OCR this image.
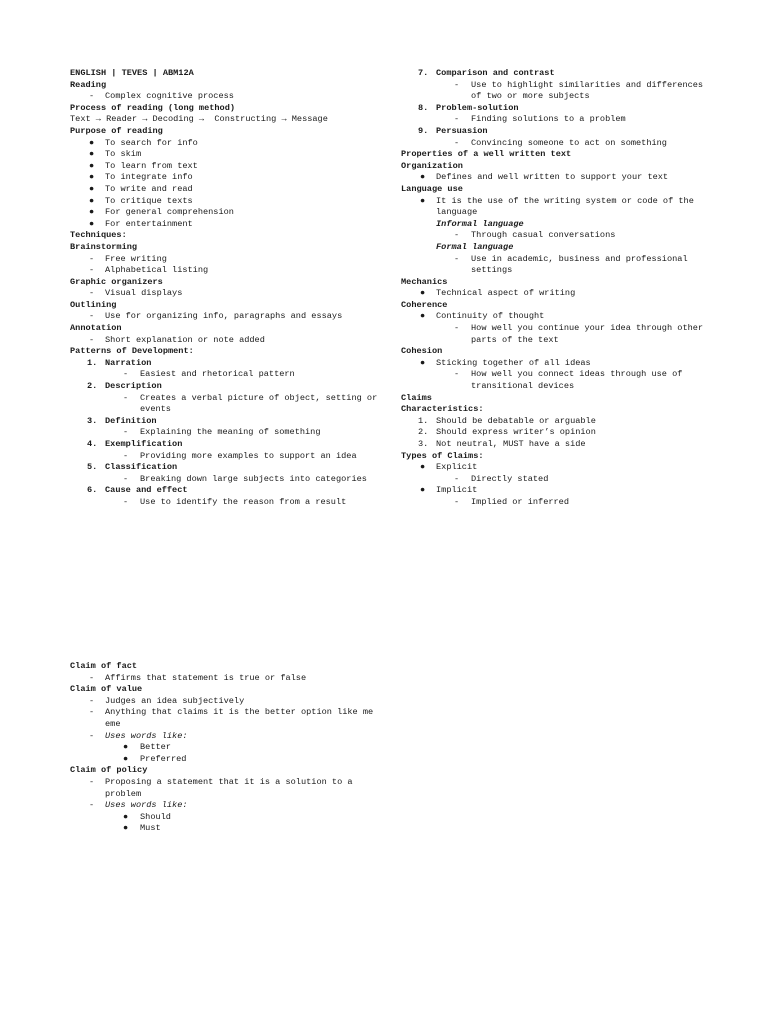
ENGLISH | TEVES | ABM12A
Reading
-	Complex cognitive process
Process of reading (long method)
Text → Reader → Decoding →  Constructing → Message
Purpose of reading
●	To search for info
●	To skim
●	To learn from text
●	To integrate info
●	To write and read
●	To critique texts
●	For general comprehension
●	For entertainment
Techniques:
Brainstorming
-	Free writing
-	Alphabetical listing
Graphic organizers
-	Visual displays
Outlining
-	Use for organizing info, paragraphs and essays
Annotation
-	Short explanation or note added
Patterns of Development:
1. Narration
-	Easiest and rhetorical pattern
2. Description
-	Creates a verbal picture of object, setting or events
3. Definition
-	Explaining the meaning of something
4. Exemplification
-	Providing more examples to support an idea
5. Classification
-	Breaking down large subjects into categories
6. Cause and effect
-	Use to identify the reason from a result
7. Comparison and contrast
-	Use to highlight similarities and differences of two or more subjects
8. Problem-solution
-	Finding solutions to a problem
9. Persuasion
-	Convincing someone to act on something
Properties of a well written text
Organization
●	Defines and well written to support your text
Language use
●	It is the use of the writing system or code of the language
Informal language
-	Through casual conversations
Formal language
-	Use in academic, business and professional settings
Mechanics
●	Technical aspect of writing
Coherence
●	Continuity of thought
-	How well you continue your idea through other parts of the text
Cohesion
●	Sticking together of all ideas
-	How well you connect ideas through use of transitional devices
Claims
Characteristics:
1. Should be debatable or arguable
2. Should express writer’s opinion
3. Not neutral, MUST have a side
Types of Claims:
●	Explicit
-	Directly stated
●	Implicit
-	Implied or inferred
Claim of fact
-	Affirms that statement is true or false
Claim of value
-	Judges an idea subjectively
-	Anything that claims it is the better option like me eme
-	Uses words like:
●	Better
●	Preferred
Claim of policy
-	Proposing a statement that it is a solution to a problem
-	Uses words like:
●	Should
●	Must
